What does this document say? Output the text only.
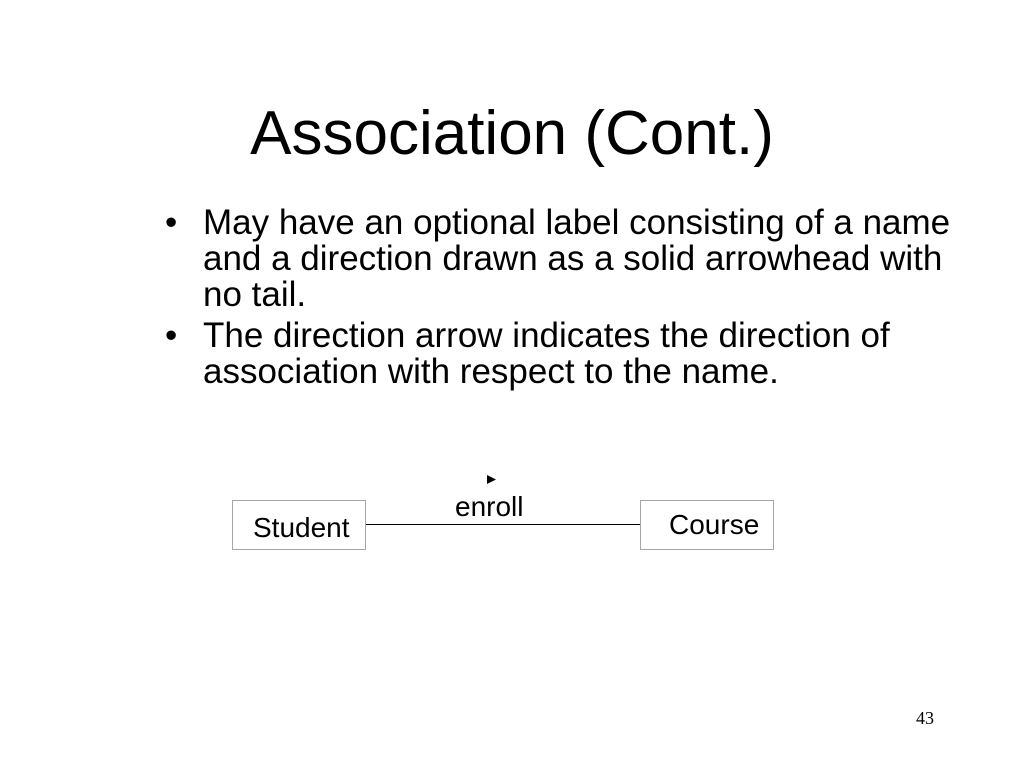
Association (Cont.)
• May have an optional label consisting of a name and a direction drawn as a solid arrowhead with no tail.
• The direction arrow indicates the direction of association with respect to the name.
Student
enroll
Course
43
